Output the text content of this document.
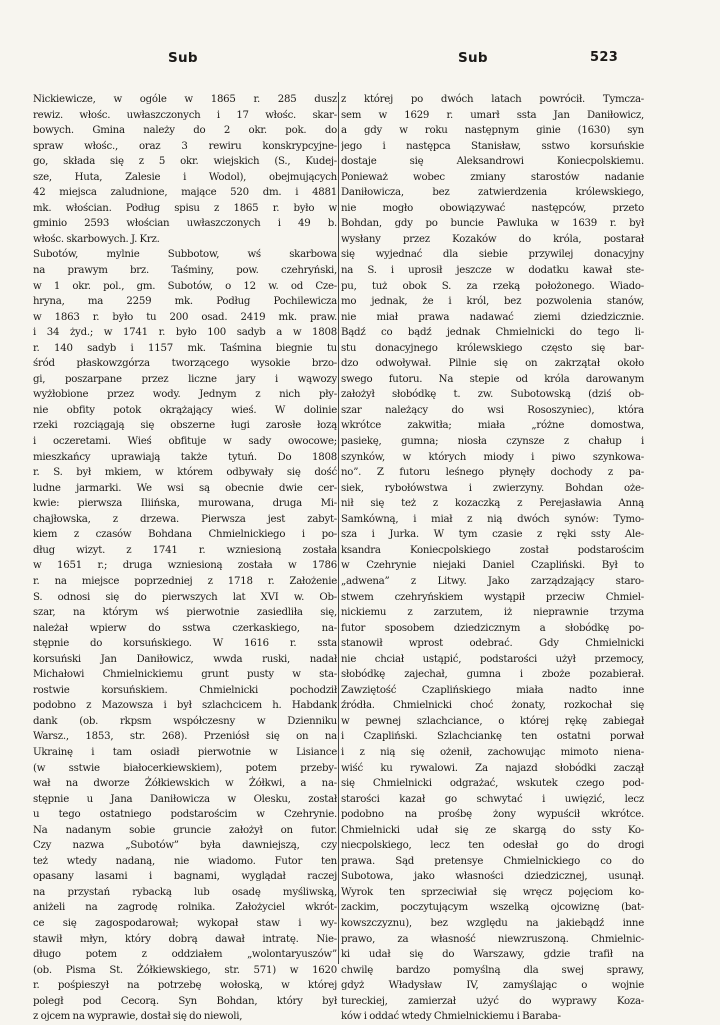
Sub	Sub	523
Nickiewicze, w ogóle w 1865 r. 285 dusz
rewiz. włośc. uwłaszczonych i 17 włośc. skar-
bowych. Gmina należy do 2 okr. pok. do
spraw włośc., oraz 3 rewiru konskrypcyjne-
go, składa się z 5 okr. wiejskich (S., Kudej-
sze, Huta, Zalesie i Wodol), obejmujących
42 miejsca zaludnione, mające 520 dm. i 4881
mk. włościan. Podług spisu z 1865 r. było w
gminio 2593 włościan uwłaszczonych i 49 b.
włośc. skarbowych. J. Krz.
Subotów, mylnie Subbotow, wś skarbowa
na prawym brz. Taśminy, pow. czehryński,
w 1 okr. pol., gm. Subotów, o 12 w. od Cze-
hryna, ma 2259 mk. Podług Pochilewicza
w 1863 r. było tu 200 osad. 2419 mk. praw.
i 34 żyd.; w 1741 r. było 100 sadyb a w 1808
r. 140 sadyb i 1157 mk. Taśmina biegnie tu
śród płaskowzgórza tworzącego wysokie brzo-
gi, poszarpane przez liczne jary i wąwozy
wyżłobione przez wody. Jednym z nich pły-
nie obfity potok okrążający wieś. W dolinie
rzeki rozciągają się obszerne ługi zarosłe łozą
i oczeretami. Wieś obfituje w sady owocowe;
mieszkańcy uprawiają także tytuń. Do 1808
r. S. był mkiem, w którem odbywały się dość
ludne jarmarki. We wsi są obecnie dwie cer-
kwie: pierwsza Iliińska, murowana, druga Mi-
chajłowska, z drzewa. Pierwsza jest zabyt-
kiem z czasów Bohdana Chmielnickiego i po-
dług wizyt. z 1741 r. wzniesioną została
w 1651 r.; druga wzniesioną została w 1786
r. na miejsce poprzedniej z 1718 r. Założenie
S. odnosi się do pierwszych lat XVI w. Ob-
szar, na którym wś pierwotnie zasiedliła się,
należał wpierw do sstwa czerkaskiego, na-
stępnie do korsuńskiego. W 1616 r. ssta
korsuński Jan Daniłowicz, wwda ruski, nadał
Michałowi Chmielnickiemu grunt pusty w sta-
rostwie korsuńskiem. Chmielnicki pochodził
podobno z Mazowsza i był szlachcicem h. Habdank
dank (ob. rkpsm współczesny w Dzienniku
Warsz., 1853, str. 268). Przeniósł się on na
Ukrainę i tam osiadł pierwotnie w Lisiance
(w sstwie białocerkiewskiem), potem przeby-
wał na dworze Żółkiewskich w Żółkwi, a na-
stępnie u Jana Daniłowicza w Olesku, został
u tego ostatniego podstarościm w Czehrynie.
Na nadanym sobie gruncie założył on futor.
Czy nazwa „Subotów” była dawniejszą, czy
też wtedy nadaną, nie wiadomo. Futor ten
opasany lasami i bagnami, wyglądał raczej
na przystań rybacką lub osadę myśliwską,
aniżeli na zagrodę rolnika. Założyciel wkrót-
ce się zagospodarował; wykopał staw i wy-
stawił młyn, który dobrą dawał intratę. Nie-
długo potem z oddziałem „wolontaryuszów”
(ob. Pisma St. Żółkiewskiego, str. 571) w 1620
r. pośpieszył na potrzebę wołoską, w której
poległ pod Cecorą. Syn Bohdan, który był
z ojcem na wyprawie, dostał się do niewoli,
z której po dwóch latach powrócił. Tymcza-
sem w 1629 r. umarł ssta Jan Daniłowicz,
a gdy w roku następnym ginie (1630) syn
jego i następca Stanisław, sstwo korsuńskie
dostaje się Aleksandrowi Koniecpolskiemu.
Ponieważ wobec zmiany starostów nadanie
Daniłowicza, bez zatwierdzenia królewskiego,
nie mogło obowiązywać następców, przeto
Bohdan, gdy po buncie Pawluka w 1639 r. był
wysłany przez Kozaków do króla, postarał
się wyjednać dla siebie przywilej donacyjny
na S. i uprosił jeszcze w dodatku kawał ste-
pu, tuż obok S. za rzeką położonego. Wiado-
mo jednak, że i król, bez pozwolenia stanów,
nie miał prawa nadawać ziemi dziedzicznie.
Bądź co bądź jednak Chmielnicki do tego li-
stu donacyjnego królewskiego często się bar-
dzo odwoływał. Pilnie się on zakrzątał około
swego futoru. Na stepie od króla darowanym
założył słobódkę t. zw. Subotowską (dziś ob-
szar należący do wsi Rososzyniec), która
wkrótce zakwitła; miała „różne domostwa,
pasiekę, gumna; niosła czynsze z chałup i
szynków, w których miody i piwo szynkowa-
no”. Z futoru leśnego płynęły dochody z pa-
siek, rybołówstwa i zwierzyny. Bohdan oże-
nił się też z kozaczką z Perejasławia Anną
Samkówną, i miał z nią dwóch synów: Tymo-
sza i Jurka. W tym czasie z ręki ssty Ale-
ksandra Koniecpolskiego został podstarościm
w Czehrynie niejaki Daniel Czapliński. Był to
„adwena” z Litwy. Jako zarządzający staro-
stwem czehryńskiem wystąpił przeciw Chmiel-
nickiemu z zarzutem, iż nieprawnie trzyma
futor sposobem dziedzicznym a słobódkę po-
stanowił wprost odebrać. Gdy Chmielnicki
nie chciał ustąpić, podstarości użył przemocy,
słobódkę zajechał, gumna i zboże pozabierał.
Zawziętość Czaplińskiego miała nadto inne
źródła. Chmielnicki choć żonaty, rozkochał się
w pewnej szlachciance, o której rękę zabiegał
i Czapliński. Szlachciankę ten ostatni porwał
i z nią się ożenił, zachowując mimoto niena-
wiść ku rywalowi. Za najazd słobódki zaczął
się Chmielnicki odgrażać, wskutek czego pod-
starości kazał go schwytać i uwięzić, lecz
podobno na prośbę żony wypuścił wkrótce.
Chmielnicki udał się ze skargą do ssty Ko-
niecpolskiego, lecz ten odesłał go do drogi
prawa. Sąd pretensye Chmielnickiego co do
Subotowa, jako własności dziedzicznej, usunął.
Wyrok ten sprzeciwiał się wręcz pojęciom ko-
zackim, poczytującym wszelką ojcowiznę (bat-
kowszczyznu), bez względu na jakiebądź inne
prawo, za własność niewzruszoną. Chmielnic-
ki udał się do Warszawy, gdzie trafił na
chwilę bardzo pomyślną dla swej sprawy,
gdyż Władysław IV, zamyślając o wojnie
tureckiej, zamierzał użyć do wyprawy Koza-
ków i oddać wtedy Chmielnickiemu i Baraba-
